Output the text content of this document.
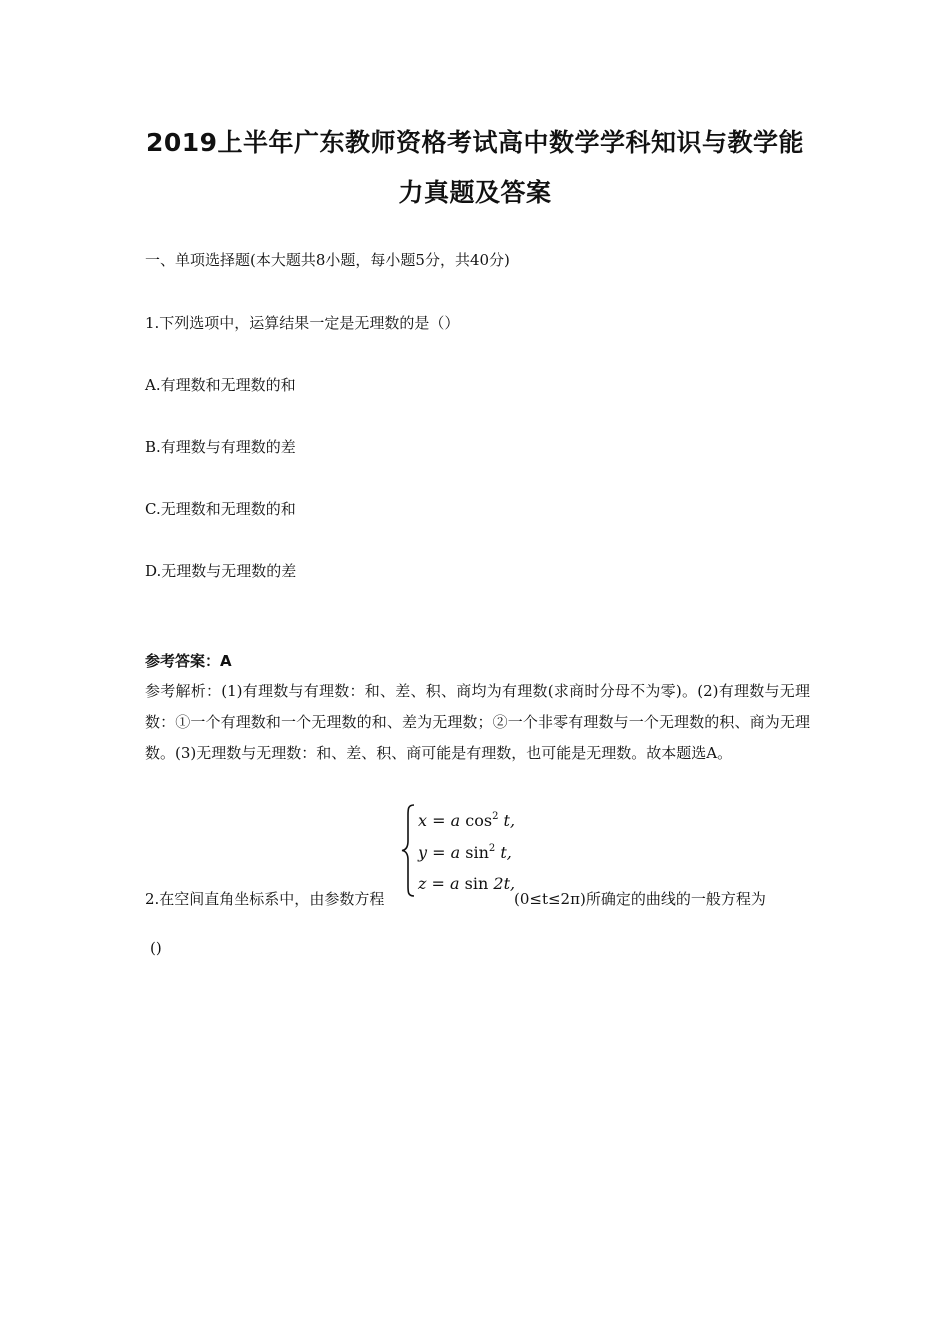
2019上半年广东教师资格考试高中数学学科知识与教学能
力真题及答案
一、单项选择题(本大题共8小题，每小题5分，共40分)
1.下列选项中，运算结果一定是无理数的是（）
A.有理数和无理数的和
B.有理数与有理数的差
C.无理数和无理数的和
D.无理数与无理数的差
参考答案：A
参考解析：(1)有理数与有理数：和、差、积、商均为有理数(求商时分母不为零)。(2)有理数与无理数：①一个有理数和一个无理数的和、差为无理数；②一个非零有理数与一个无理数的积、商为无理数。(3)无理数与无理数：和、差、积、商可能是有理数，也可能是无理数。故本题选A。
2.在空间直角坐标系中，由参数方程
x = a $\cos^2 t$,
y = a $\sin^2 t$,
z = a sin 2t,
(0≤t≤2π)所确定的曲线的一般方程为
()
